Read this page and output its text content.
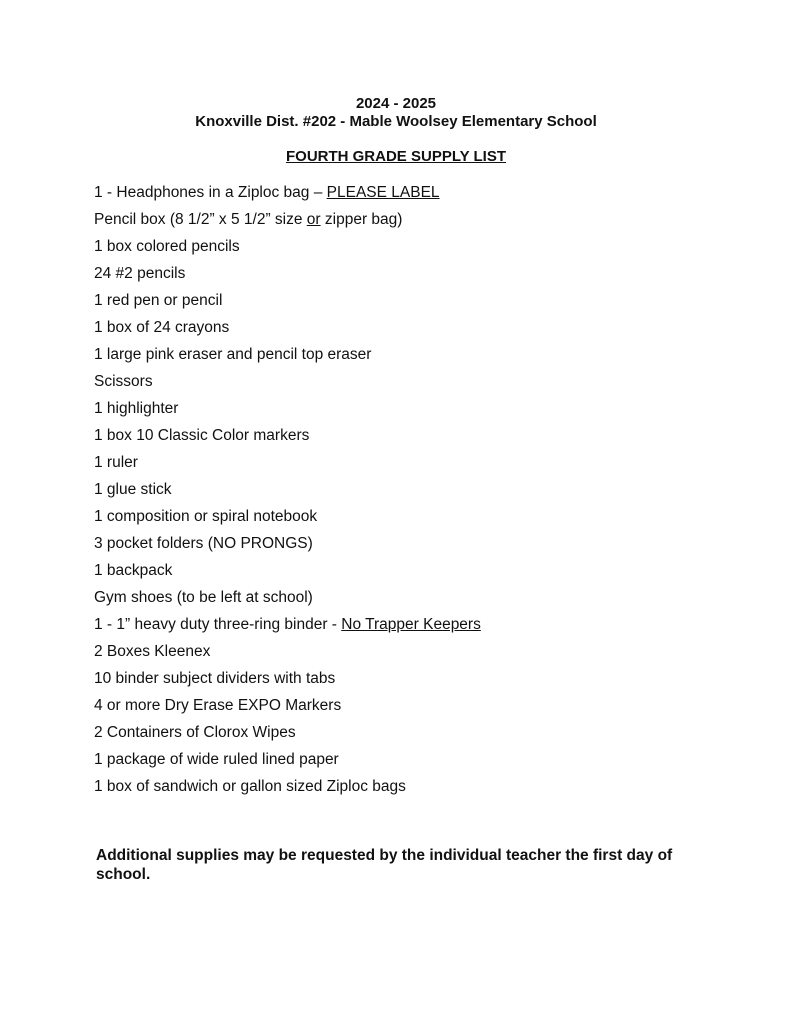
2024 - 2025
Knoxville Dist. #202 - Mable Woolsey Elementary School
FOURTH GRADE SUPPLY LIST
1 - Headphones in a Ziploc bag – PLEASE LABEL
Pencil box (8 1/2” x 5 1/2” size or zipper bag)
1 box colored pencils
24 #2 pencils
1 red pen or pencil
1 box of 24 crayons
1 large pink eraser and pencil top eraser
Scissors
1 highlighter
1 box 10 Classic Color markers
1 ruler
1 glue stick
1 composition or spiral notebook
3 pocket folders (NO PRONGS)
1 backpack
Gym shoes (to be left at school)
1 - 1” heavy duty three-ring binder - No Trapper Keepers
2 Boxes Kleenex
10 binder subject dividers with tabs
4 or more Dry Erase EXPO Markers
2 Containers of Clorox Wipes
1 package of wide ruled lined paper
1 box of sandwich or gallon sized Ziploc bags

Additional supplies may be requested by the individual teacher the first day of school.
